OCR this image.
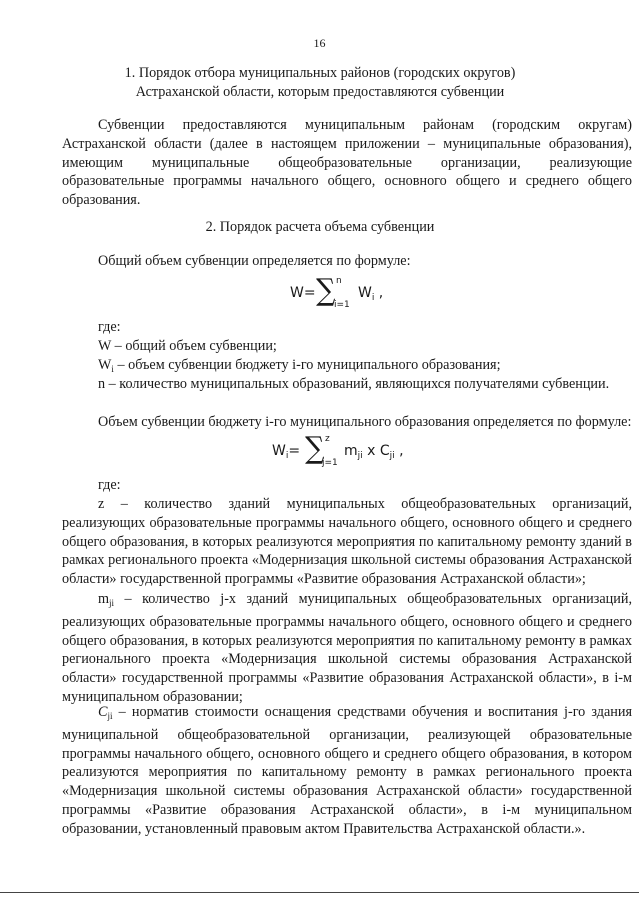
16
1. Порядок отбора муниципальных районов (городских округов)
Астраханской области, которым предоставляются субвенции

Субвенции предоставляются муниципальным районам (городским округам) Астраханской области (далее в настоящем приложении – муниципальные образования), имеющим муниципальные общеобразовательные организации, реализующие образовательные программы начального общего, основного общего и среднего общего образования.

2. Порядок расчета объема субвенции

Общий объем субвенции определяется по формуле:

W= ∑ n
i=1
$W_i$ ,
где:
W – общий объем субвенции;
$W_i$ – объем субвенции бюджету i-го муниципального образования;

n – количество муниципальных образований, являющихся получателями субвенции.

Объем субвенции бюджету i-го муниципального образования определяется по формуле:

$W_i=$ ∑ z
j=1
$m_{ji}$ x $C_{ji}$ ,
где:

z – количество зданий муниципальных общеобразовательных организаций, реализующих образовательные программы начального общего, основного общего и среднего общего образования, в которых реализуются мероприятия по капитальному ремонту зданий в рамках регионального проекта «Модернизация школьной системы образования Астраханской области» государственной программы «Развитие образования Астраханской области»;

$m_{ji}$ – количество j-х зданий муниципальных общеобразовательных организаций, реализующих образовательные программы начального общего, основного общего и среднего общего образования, в которых реализуются мероприятия по капитальному ремонту в рамках регионального проекта «Модернизация школьной системы образования Астраханской области» государственной программы «Развитие образования Астраханской области», в i-м муниципальном образовании;

$C_{ji}$ – норматив стоимости оснащения средствами обучения и воспитания j-го здания муниципальной общеобразовательной организации, реализующей образовательные программы начального общего, основного общего и среднего общего образования, в котором реализуются мероприятия по капитальному ремонту в рамках регионального проекта «Модернизация школьной системы образования Астраханской области» государственной программы «Развитие образования Астраханской области», в i-м муниципальном образовании, установленный правовым актом Правительства Астраханской области.».
